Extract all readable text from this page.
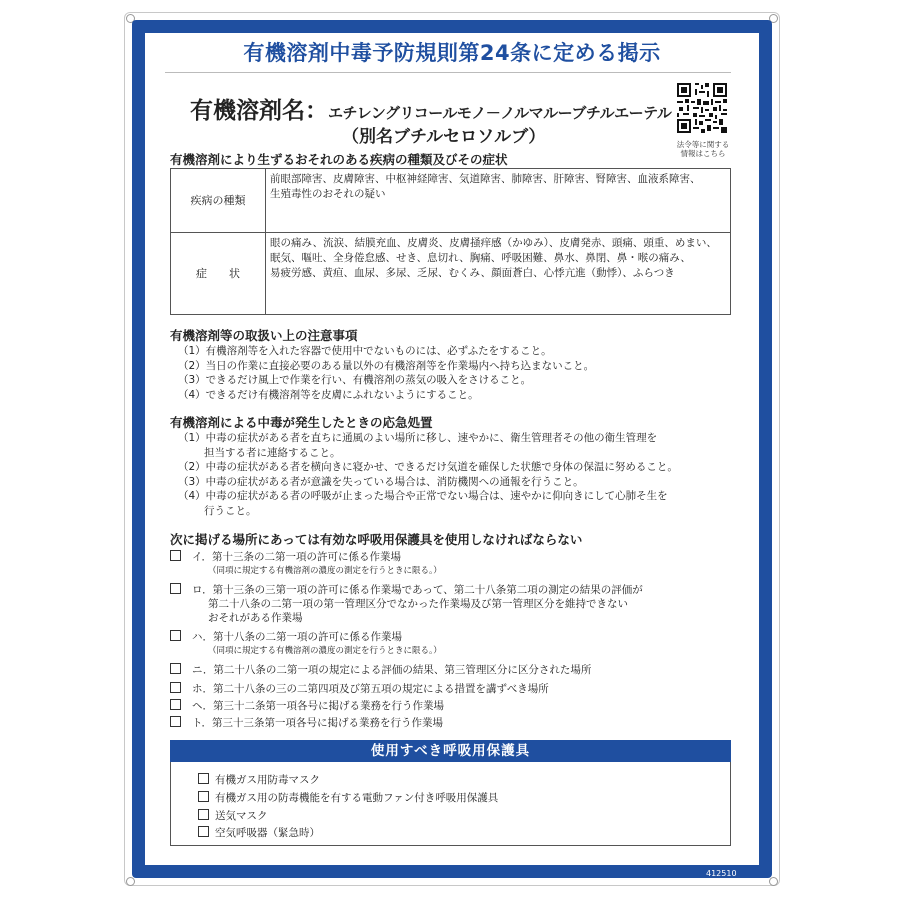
有機溶剤中毒予防規則第24条に定める掲示
有機溶剤名：エチレングリコールモノ－ノルマルーブチルエーテル
（別名ブチルセロソルブ）	法令等に関する
情報はこちら
有機溶剤により生ずるおそれのある疾病の種類及びその症状
疾病の種類	前眼部障害、皮膚障害、中枢神経障害、気道障害、肺障害、肝障害、腎障害、血液系障害、
生殖毒性のおそれの疑い

症　　状	眼の痛み、流涙、結膜充血、皮膚炎、皮膚掻痒感（かゆみ）、皮膚発赤、頭痛、頭重、めまい、
眠気、嘔吐、全身倦怠感、せき、息切れ、胸痛、呼吸困難、鼻水、鼻閉、鼻・喉の痛み、
易疲労感、黄疸、血尿、多尿、乏尿、むくみ、顔面蒼白、心悸亢進（動悸）、ふらつき
有機溶剤等の取扱い上の注意事項
（1）有機溶剤等を入れた容器で使用中でないものには、必ずふたをすること。
（2）当日の作業に直接必要のある量以外の有機溶剤等を作業場内へ持ち込まないこと。
（3）できるだけ風上で作業を行い、有機溶剤の蒸気の吸入をさけること。
（4）できるだけ有機溶剤等を皮膚にふれないようにすること。
有機溶剤による中毒が発生したときの応急処置
（1）中毒の症状がある者を直ちに通風のよい場所に移し、速やかに、衛生管理者その他の衛生管理を
担当する者に連絡すること。
（2）中毒の症状がある者を横向きに寝かせ、できるだけ気道を確保した状態で身体の保温に努めること。
（3）中毒の症状がある者が意識を失っている場合は、消防機関への通報を行うこと。
（4）中毒の症状がある者の呼吸が止まった場合や正常でない場合は、速やかに仰向きにして心肺そ生を
行うこと。
次に掲げる場所にあっては有効な呼吸用保護具を使用しなければならない
イ．第十三条の二第一項の許可に係る作業場
（同項に規定する有機溶剤の濃度の測定を行うときに限る。）
ロ．第十三条の三第一項の許可に係る作業場であって、第二十八条第二項の測定の結果の評価が
第二十八条の二第一項の第一管理区分でなかった作業場及び第一管理区分を維持できない
おそれがある作業場
ハ．第十八条の二第一項の許可に係る作業場
（同項に規定する有機溶剤の濃度の測定を行うときに限る。）
ニ．第二十八条の二第一項の規定による評価の結果、第三管理区分に区分された場所
ホ．第二十八条の三の二第四項及び第五項の規定による措置を講ずべき場所
ヘ．第三十二条第一項各号に掲げる業務を行う作業場
ト．第三十三条第一項各号に掲げる業務を行う作業場
使用すべき呼吸用保護具
有機ガス用防毒マスク
有機ガス用の防毒機能を有する電動ファン付き呼吸用保護具
送気マスク
空気呼吸器（緊急時）
412510
